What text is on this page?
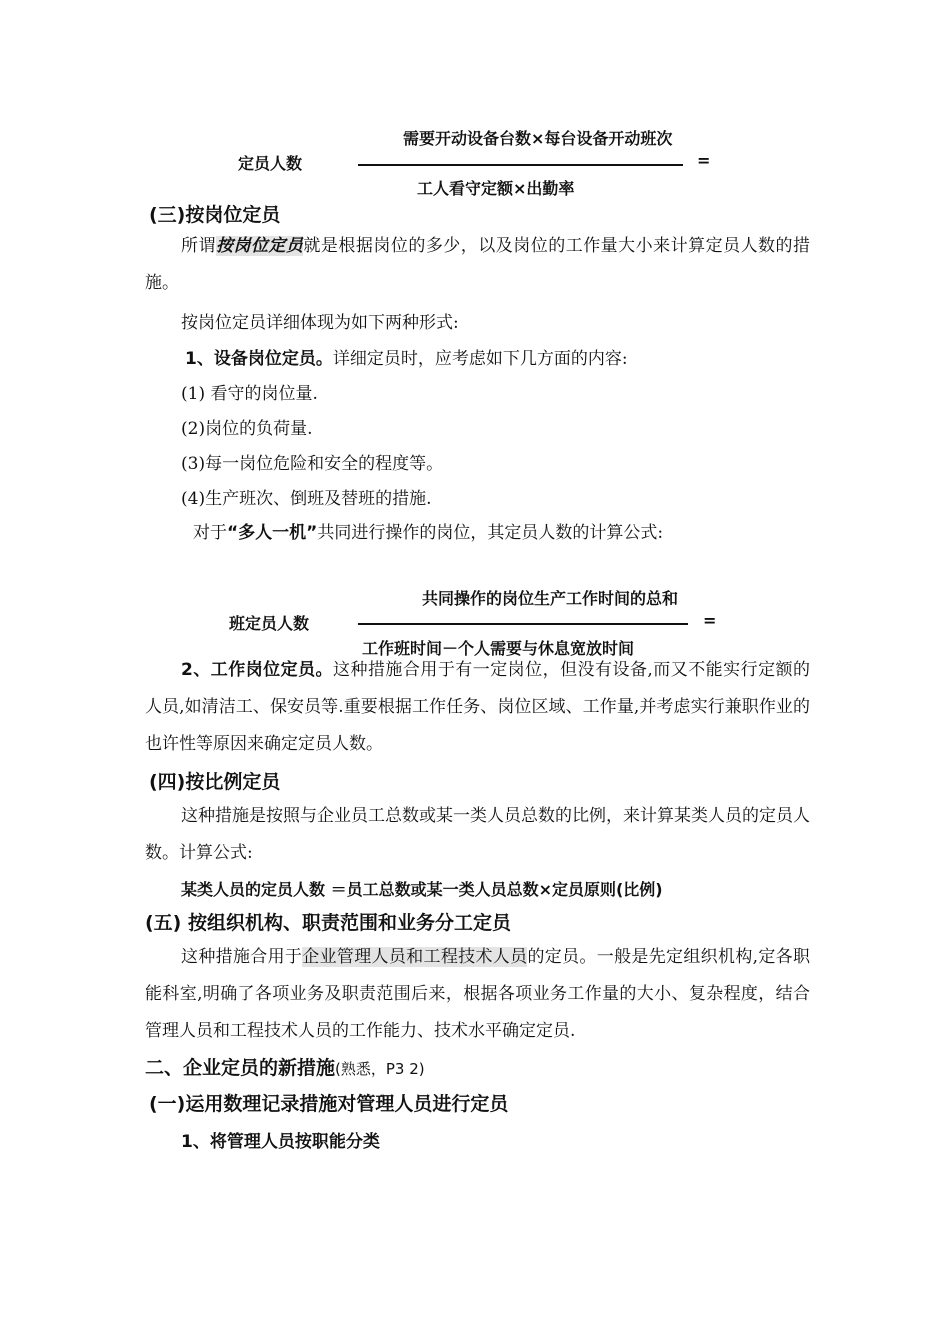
需要开动设备台数×每台设备开动班次
定员人数	=
工人看守定额×出勤率
(三)按岗位定员
所谓按岗位定员就是根据岗位的多少，以及岗位的工作量大小来计算定员人数的措施。
按岗位定员详细体现为如下两种形式:
1、设备岗位定员。详细定员时，应考虑如下几方面的内容:
(1) 看守的岗位量.
(2)岗位的负荷量.
(3)每一岗位危险和安全的程度等。
(4)生产班次、倒班及替班的措施.
对于“多人一机”共同进行操作的岗位，其定员人数的计算公式:
共同操作的岗位生产工作时间的总和
班定员人数	=
工作班时间－个人需要与休息宽放时间
2、工作岗位定员。这种措施合用于有一定岗位，但没有设备,而又不能实行定额的人员,如清洁工、保安员等.重要根据工作任务、岗位区域、工作量,并考虑实行兼职作业的也许性等原因来确定定员人数。
(四)按比例定员
这种措施是按照与企业员工总数或某一类人员总数的比例，来计算某类人员的定员人数。计算公式:
某类人员的定员人数 ＝员工总数或某一类人员总数×定员原则(比例)
(五) 按组织机构、职责范围和业务分工定员
这种措施合用于企业管理人员和工程技术人员的定员。一般是先定组织机构,定各职能科室,明确了各项业务及职责范围后来，根据各项业务工作量的大小、复杂程度，结合管理人员和工程技术人员的工作能力、技术水平确定定员.
二、企业定员的新措施(熟悉，P3 2)
(一)运用数理记录措施对管理人员进行定员
1、将管理人员按职能分类
